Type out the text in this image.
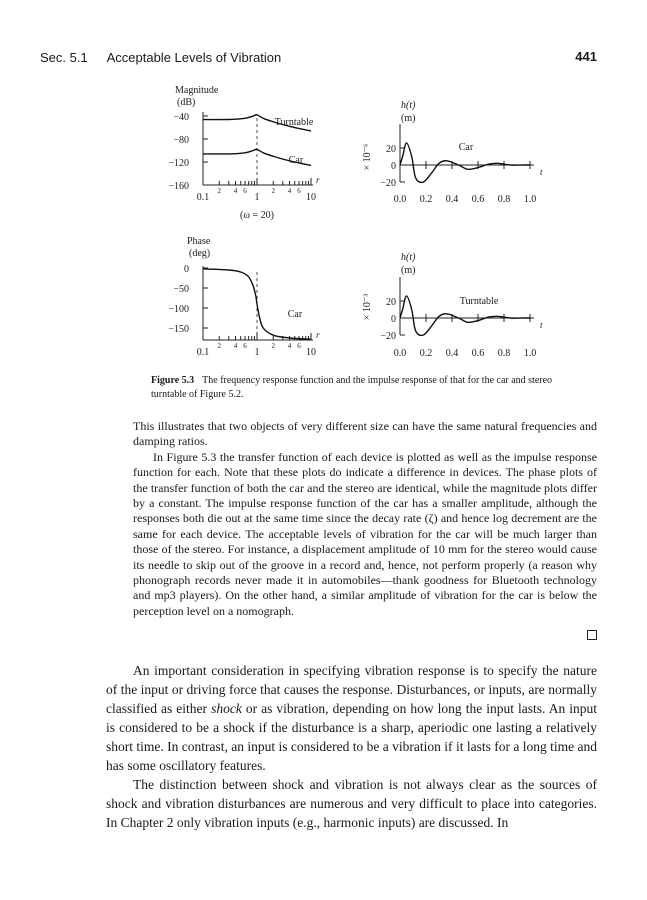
Sec. 5.1 Acceptable Levels of Vibration	441
Magnitude
(dB)
−40
−80
−120
−160
0.1	1	10
2 4 6	2 4 6
r
Turntable
Car
(ω = 20)
Phase
(deg)
0
−50
−100
−150
0.1	1	10
2 4 6	2 4 6
r
Car
h(t)
(m)
× 10⁻⁶ 20
0
−20
0.0 0.2 0.4 0.6 0.8 1.0
t
Car
h(t)
(m)
× 10⁻³ 20
0
−20
0.0 0.2 0.4 0.6 0.8 1.0
t
Turntable
Figure 5.3 The frequency response function and the impulse response of that for the car and stereo turntable of Figure 5.2.

This illustrates that two objects of very different size can have the same natural frequencies and damping ratios.

In Figure 5.3 the transfer function of each device is plotted as well as the impulse response function for each. Note that these plots do indicate a difference in devices. The phase plots of the transfer function of both the car and the stereo are identical, while the magnitude plots differ by a constant. The impulse response function of the car has a smaller amplitude, although the responses both die out at the same time since the decay rate (ζ) and hence log decrement are the same for each device. The acceptable levels of vibration for the car will be much larger than those of the stereo. For instance, a displacement amplitude of 10 mm for the stereo would cause its needle to skip out of the groove in a record and, hence, not perform properly (a reason why phonograph records never made it in automobiles—thank goodness for Bluetooth technology and mp3 players). On the other hand, a similar amplitude of vibration for the car is below the perception level on a nomograph.

An important consideration in specifying vibration response is to specify the nature of the input or driving force that causes the response. Disturbances, or inputs, are normally classified as either shock or as vibration, depending on how long the input lasts. An input is considered to be a shock if the disturbance is a sharp, aperiodic one lasting a relatively short time. In contrast, an input is considered to be a vibration if it lasts for a long time and has some oscillatory features.

The distinction between shock and vibration is not always clear as the sources of shock and vibration disturbances are numerous and very difficult to place into categories. In Chapter 2 only vibration inputs (e.g., harmonic inputs) are discussed. In
